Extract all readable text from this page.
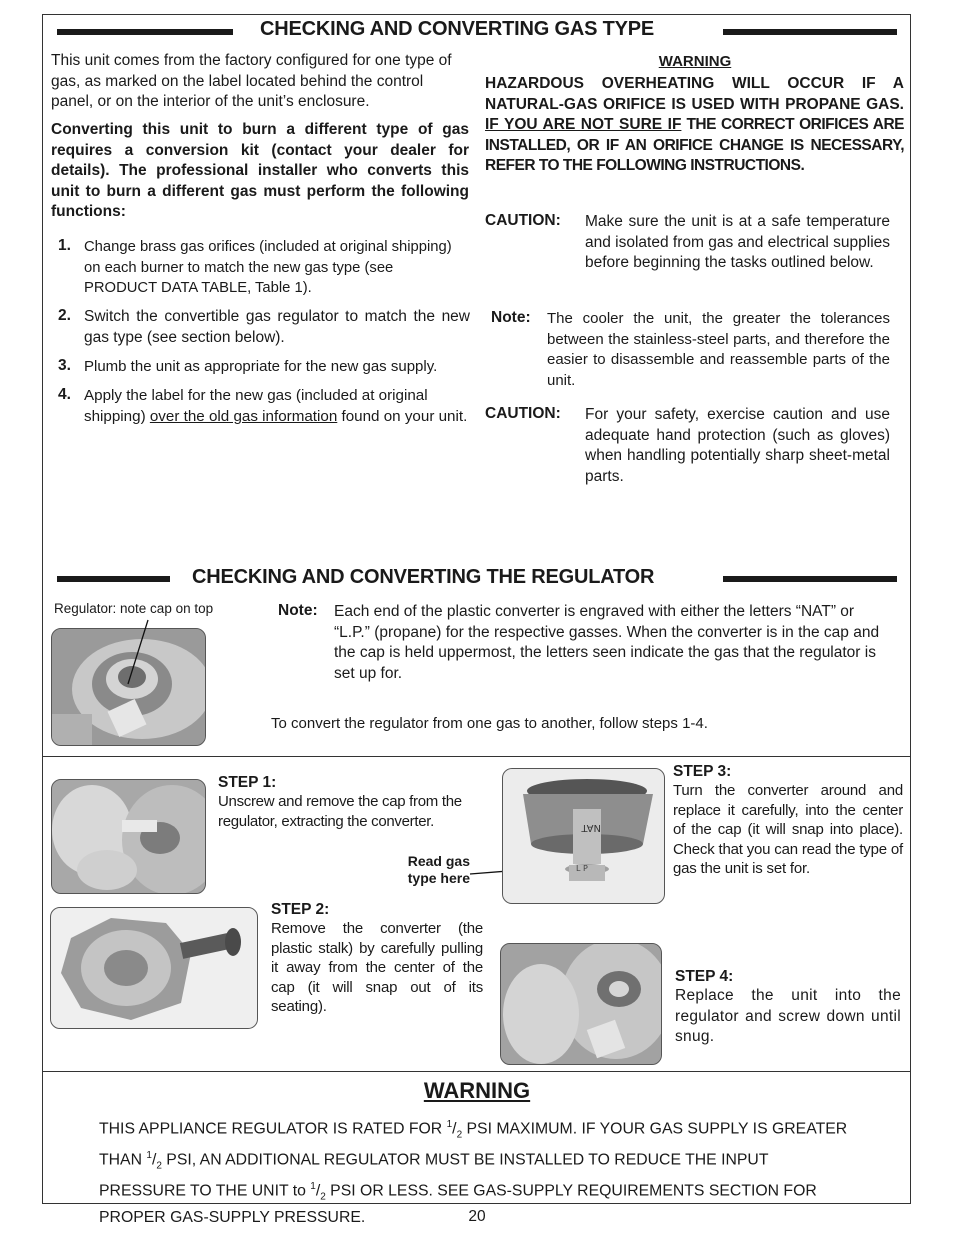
CHECKING AND CONVERTING GAS TYPE

This unit comes from the factory configured for one type of gas, as marked on the label located behind the control panel, or on the interior of the unit’s enclosure.

Converting this unit to burn a different type of gas requires a conversion kit (contact your dealer for details). The professional installer who converts this unit to burn a different gas must perform the following functions:

1. Change brass gas orifices (included at original shipping) on each burner to match the new gas type (see PRODUCT DATA TABLE, Table 1).

2. Switch the convertible gas regulator to match the new gas type (see section below).

3. Plumb the unit as appropriate for the new gas supply.

4. Apply the label for the new gas (included at original shipping) over the old gas information found on your unit.

WARNING

HAZARDOUS OVERHEATING WILL OCCUR IF A NATURAL-GAS ORIFICE IS USED WITH PROPANE GAS. IF YOU ARE NOT SURE IF THE CORRECT ORIFICES ARE INSTALLED, OR IF AN ORIFICE CHANGE IS NECESSARY, REFER TO THE FOLLOWING INSTRUCTIONS.

CAUTION: Make sure the unit is at a safe temperature and isolated from gas and electrical supplies before beginning the tasks outlined below.

Note: The cooler the unit, the greater the tolerances between the stainless-steel parts, and therefore the easier to disassemble and reassemble parts of the unit.

CAUTION: For your safety, exercise caution and use adequate hand protection (such as gloves) when handling potentially sharp sheet-metal parts.

CHECKING AND CONVERTING THE REGULATOR
Regulator: note cap on top	Note: Each end of the plastic converter is engraved with either the letters “NAT” or “L.P.” (propane) for the respective gasses. When the converter is in the cap and the cap is held uppermost, the letters seen indicate the gas that the regulator is set up for.

To convert the regulator from one gas to another, follow steps 1-4.

STEP 1:
Unscrew and remove the cap from the regulator, extracting the converter.
Read gas type here
NAT
L P
STEP 3:
Turn the converter around and replace it carefully, into the center of the cap (it will snap into place). Check that you can read the type of gas the unit is set for.
STEP 2:
Remove the converter (the plastic stalk) by carefully pulling it away from the center of the cap (it will snap out of its seating).
STEP 4:
Replace the unit into the regulator and screw down until snug.
WARNING

THIS APPLIANCE REGULATOR IS RATED FOR $^1/_2$ PSI MAXIMUM. IF YOUR GAS SUPPLY IS GREATER THAN $^1/_2$ PSI, AN ADDITIONAL REGULATOR MUST BE INSTALLED TO REDUCE THE INPUT PRESSURE TO THE UNIT to $^1/_2$ PSI OR LESS. SEE GAS-SUPPLY REQUIREMENTS SECTION FOR PROPER GAS-SUPPLY PRESSURE.	20
